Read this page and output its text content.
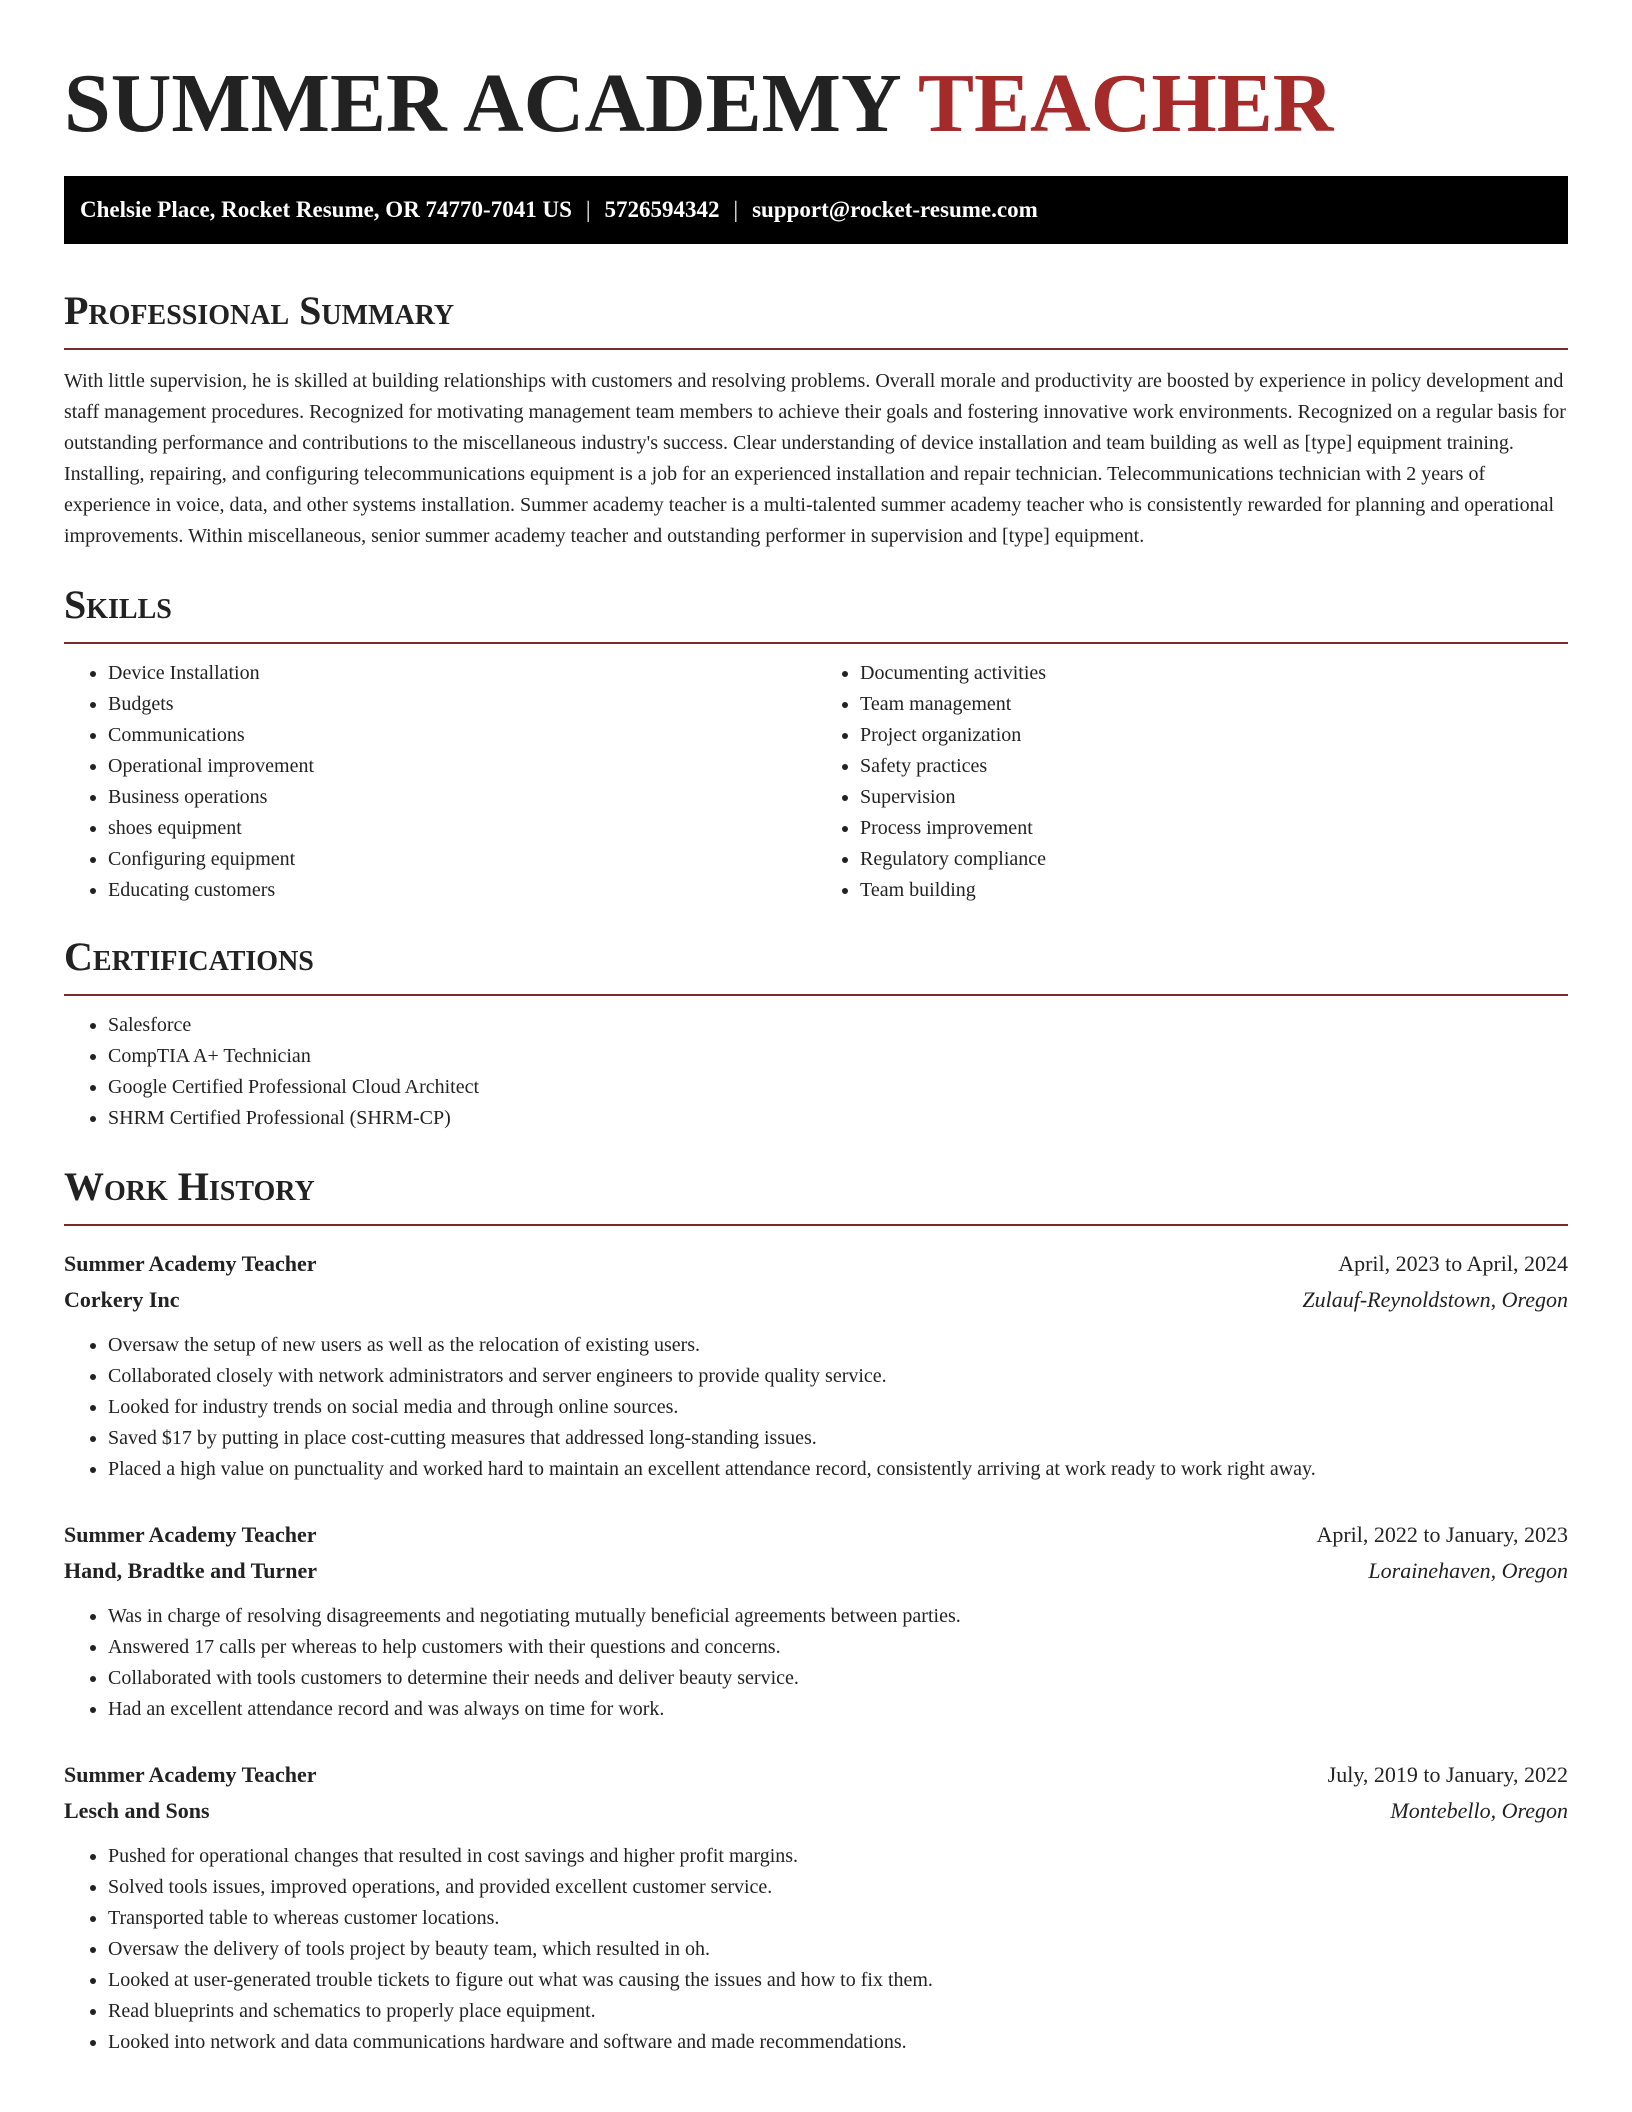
SUMMER ACADEMY TEACHER
Chelsie Place, Rocket Resume, OR 74770-7041 US | 5726594342 | support@rocket-resume.com
Professional Summary

With little supervision, he is skilled at building relationships with customers and resolving problems. Overall morale and productivity are boosted by experience in policy development and staff management procedures. Recognized for motivating management team members to achieve their goals and fostering innovative work environments. Recognized on a regular basis for outstanding performance and contributions to the miscellaneous industry's success. Clear understanding of device installation and team building as well as [type] equipment training. Installing, repairing, and configuring telecommunications equipment is a job for an experienced installation and repair technician. Telecommunications technician with 2 years of experience in voice, data, and other systems installation. Summer academy teacher is a multi-talented summer academy teacher who is consistently rewarded for planning and operational improvements. Within miscellaneous, senior summer academy teacher and outstanding performer in supervision and [type] equipment.

Skills
• Device Installation
• Budgets
• Communications
• Operational improvement
• Business operations
• shoes equipment
• Configuring equipment
• Educating customers
• Documenting activities
• Team management
• Project organization
• Safety practices
• Supervision
• Process improvement
• Regulatory compliance
• Team building
Certifications
• Salesforce
• CompTIA A+ Technician
• Google Certified Professional Cloud Architect
• SHRM Certified Professional (SHRM-CP)
Work History
Summer Academy Teacher	April, 2023 to April, 2024
Corkery Inc	Zulauf-Reynoldstown, Oregon
• Oversaw the setup of new users as well as the relocation of existing users.
• Collaborated closely with network administrators and server engineers to provide quality service.
• Looked for industry trends on social media and through online sources.
• Saved $17 by putting in place cost-cutting measures that addressed long-standing issues.
• Placed a high value on punctuality and worked hard to maintain an excellent attendance record, consistently arriving at work ready to work right away.
Summer Academy Teacher	April, 2022 to January, 2023
Hand, Bradtke and Turner	Lorainehaven, Oregon
• Was in charge of resolving disagreements and negotiating mutually beneficial agreements between parties.
• Answered 17 calls per whereas to help customers with their questions and concerns.
• Collaborated with tools customers to determine their needs and deliver beauty service.
• Had an excellent attendance record and was always on time for work.
Summer Academy Teacher	July, 2019 to January, 2022
Lesch and Sons	Montebello, Oregon
• Pushed for operational changes that resulted in cost savings and higher profit margins.
• Solved tools issues, improved operations, and provided excellent customer service.
• Transported table to whereas customer locations.
• Oversaw the delivery of tools project by beauty team, which resulted in oh.
• Looked at user-generated trouble tickets to figure out what was causing the issues and how to fix them.
• Read blueprints and schematics to properly place equipment.
• Looked into network and data communications hardware and software and made recommendations.
